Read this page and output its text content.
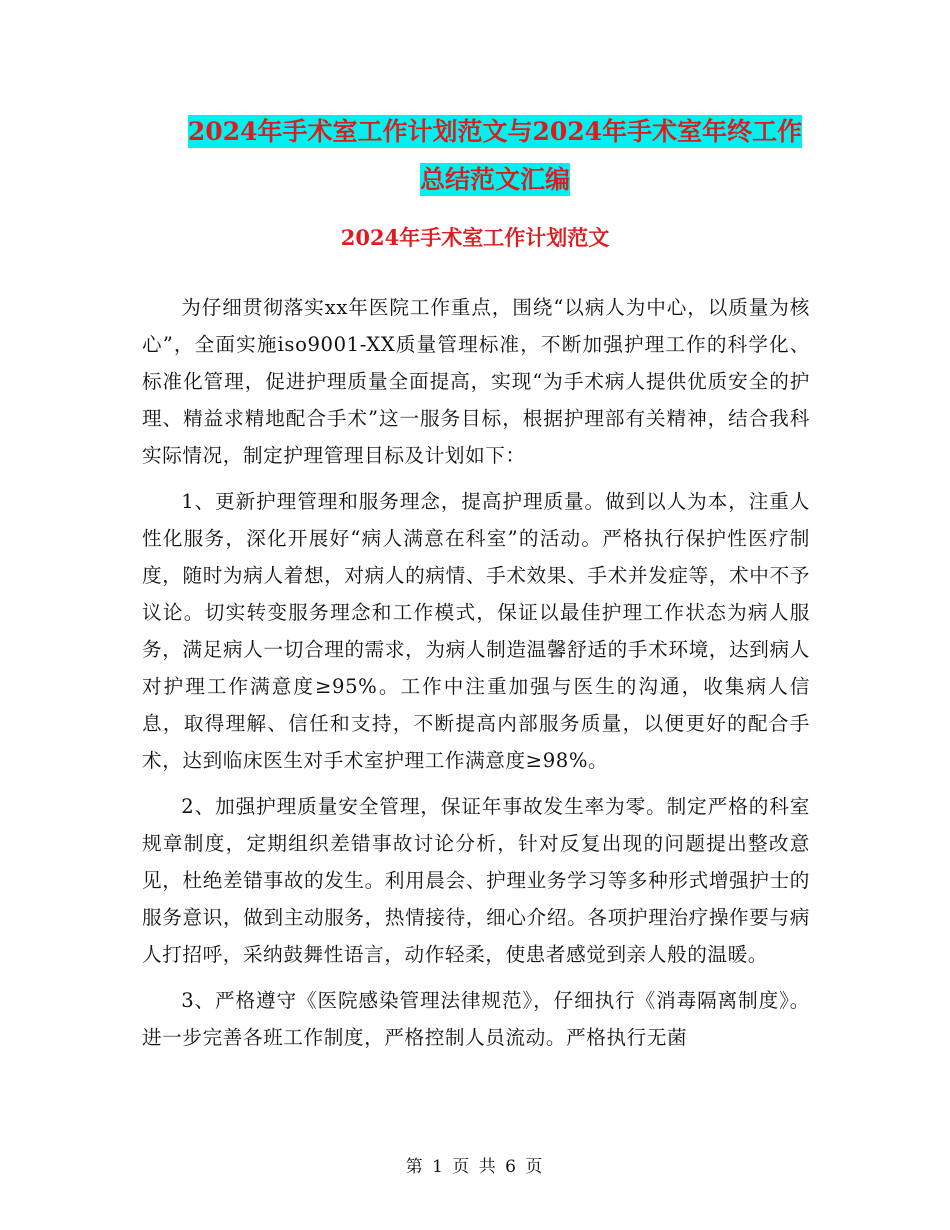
2024年手术室工作计划范文与2024年手术室年终工作
总结范文汇编
2024年手术室工作计划范文

为仔细贯彻落实xx年医院工作重点，围绕“以病人为中心，以质量为核心”，全面实施iso9001-XX质量管理标准，不断加强护理工作的科学化、标准化管理，促进护理质量全面提高，实现“为手术病人提供优质安全的护理、精益求精地配合手术”这一服务目标，根据护理部有关精神，结合我科实际情况，制定护理管理目标及计划如下：

1、更新护理管理和服务理念，提高护理质量。做到以人为本，注重人性化服务，深化开展好“病人满意在科室”的活动。严格执行保护性医疗制度，随时为病人着想，对病人的病情、手术效果、手术并发症等，术中不予议论。切实转变服务理念和工作模式，保证以最佳护理工作状态为病人服务，满足病人一切合理的需求，为病人制造温馨舒适的手术环境，达到病人对护理工作满意度≥95%。工作中注重加强与医生的沟通，收集病人信息，取得理解、信任和支持，不断提高内部服务质量，以便更好的配合手术，达到临床医生对手术室护理工作满意度≥98%。

2、加强护理质量安全管理，保证年事故发生率为零。制定严格的科室规章制度，定期组织差错事故讨论分析，针对反复出现的问题提出整改意见，杜绝差错事故的发生。利用晨会、护理业务学习等多种形式增强护士的服务意识，做到主动服务，热情接待，细心介绍。各项护理治疗操作要与病人打招呼，采纳鼓舞性语言，动作轻柔，使患者感觉到亲人般的温暖。

3、严格遵守《医院感染管理法律规范》，仔细执行《消毒隔离制度》。进一步完善各班工作制度，严格控制人员流动。严格执行无菌

第 1 页 共 6 页
